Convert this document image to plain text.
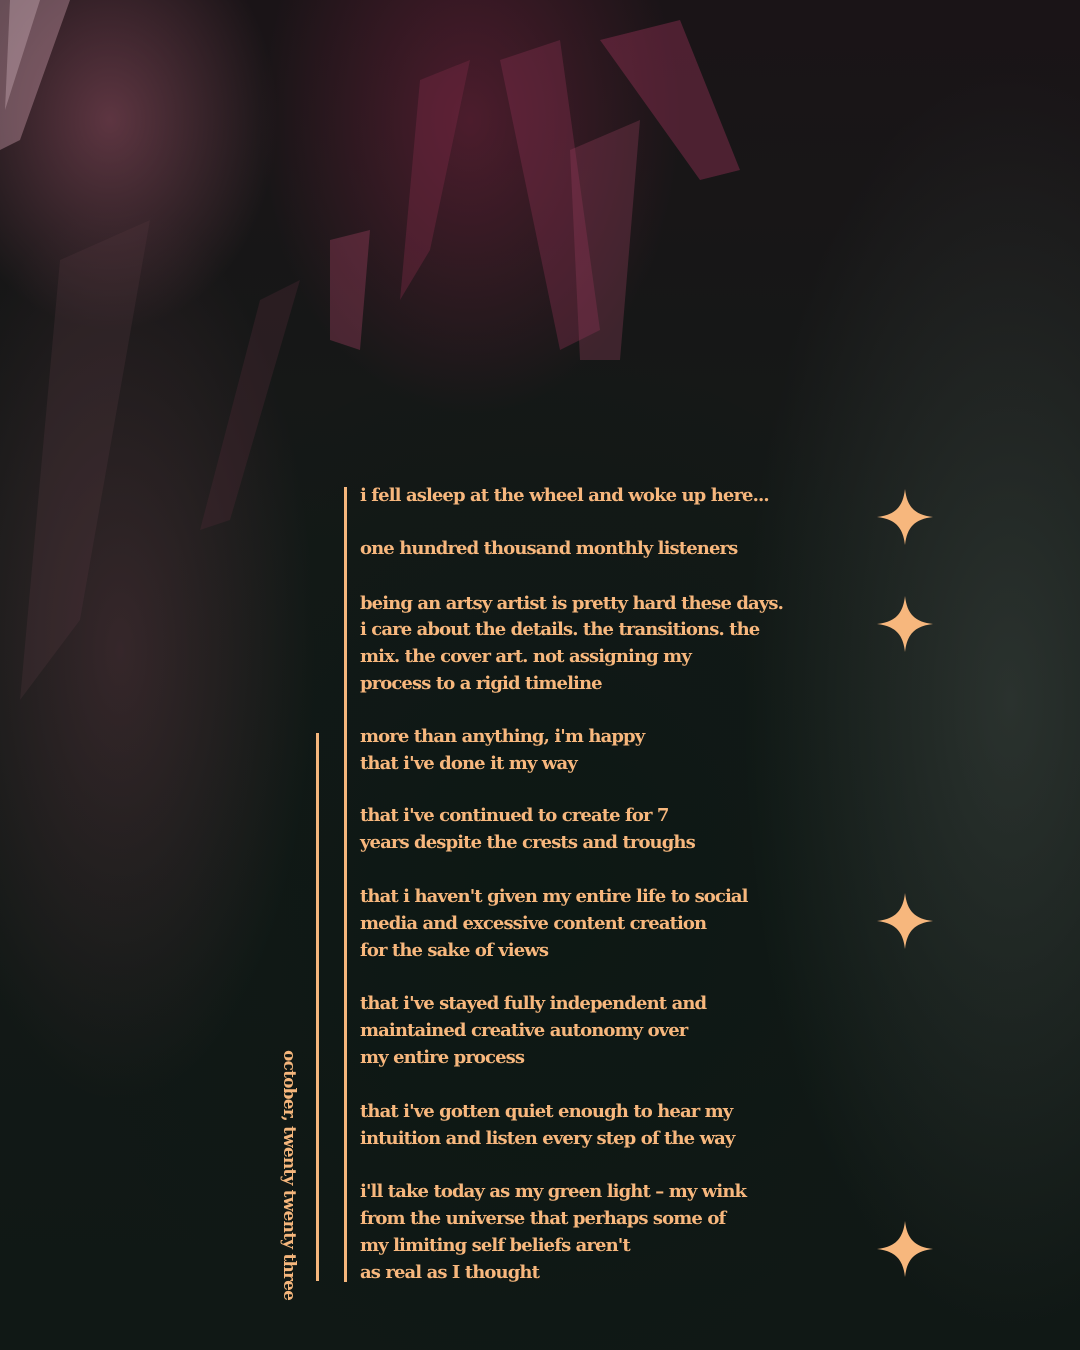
october, twenty twenty three

i fell asleep at the wheel and woke up here...

one hundred thousand monthly listeners

being an artsy artist is pretty hard these days.
i care about the details. the transitions. the
mix. the cover art. not assigning my
process to a rigid timeline

more than anything, i'm happy
that i've done it my way

that i've continued to create for 7
years despite the crests and troughs

that i haven't given my entire life to social
media and excessive content creation
for the sake of views

that i've stayed fully independent and
maintained creative autonomy over
my entire process

that i've gotten quiet enough to hear my
intuition and listen every step of the way

i'll take today as my green light – my wink
from the universe that perhaps some of
my limiting self beliefs aren't
as real as I thought
